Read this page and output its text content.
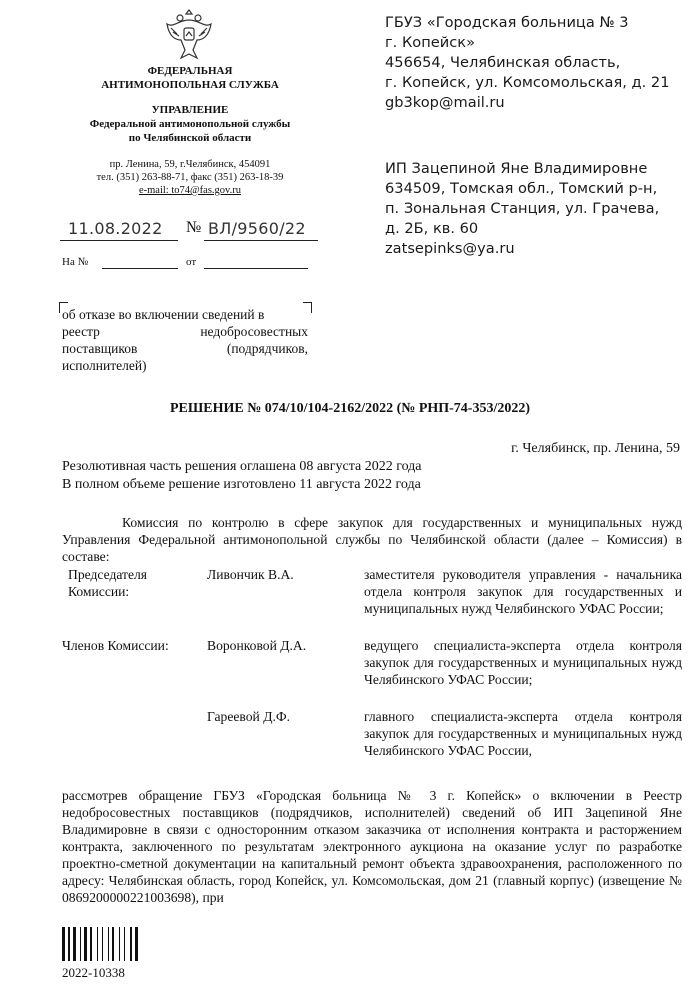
ФЕДЕРАЛЬНАЯ
АНТИМОНОПОЛЬНАЯ СЛУЖБА
УПРАВЛЕНИЕ
Федеральной антимонопольной службы
по Челябинской области
пр. Ленина, 59, г.Челябинск, 454091
тел. (351) 263-88-71, факс (351) 263-18-39
e-mail: to74@fas.gov.ru
11.08.2022 № ВЛ/9560/22
На №	от
ГБУЗ «Городская больница № 3
г. Копейск»
456654, Челябинская область,
г. Копейск, ул. Комсомольская, д. 21
gb3kop@mail.ru
ИП Зацепиной Яне Владимировне
634509, Томская обл., Томский р-н,
п. Зональная Станция, ул. Грачева,
д. 2Б, кв. 60
zatsepinks@ya.ru
об отказе во включении сведений в
реестр	недобросовестных
поставщиков	(подрядчиков,
исполнителей)
РЕШЕНИЕ № 074/10/104-2162/2022 (№ РНП-74-353/2022)
г. Челябинск, пр. Ленина, 59
Резолютивная часть решения оглашена 08 августа 2022 года
В полном объеме решение изготовлено 11 августа 2022 года
Комиссия по контролю в сфере закупок для государственных и муниципальных нужд Управления Федеральной антимонопольной службы по Челябинской области (далее – Комиссия) в составе:
Председателя
Комиссии:
Ливончик В.А.	заместителя руководителя управления - начальника отдела контроля закупок для государственных и муниципальных нужд Челябинского УФАС России;
Членов Комиссии:	Воронковой Д.А.	ведущего специалиста-эксперта отдела контроля закупок для государственных и муниципальных нужд Челябинского УФАС России;
Гареевой Д.Ф.	главного специалиста-эксперта отдела контроля закупок для государственных и муниципальных нужд Челябинского УФАС России,
рассмотрев обращение ГБУЗ «Городская больница № 3 г. Копейск» о включении в Реестр недобросовестных поставщиков (подрядчиков, исполнителей) сведений об ИП Зацепиной Яне Владимировне в связи с односторонним отказом заказчика от исполнения контракта и расторжением контракта, заключенного по результатам электронного аукциона на оказание услуг по разработке проектно-сметной документации на капитальный ремонт объекта здравоохранения, расположенного по адресу: Челябинская область, город Копейск, ул. Комсомольская, дом 21 (главный корпус) (извещение № 0869200000221003698), при
2022-10338
